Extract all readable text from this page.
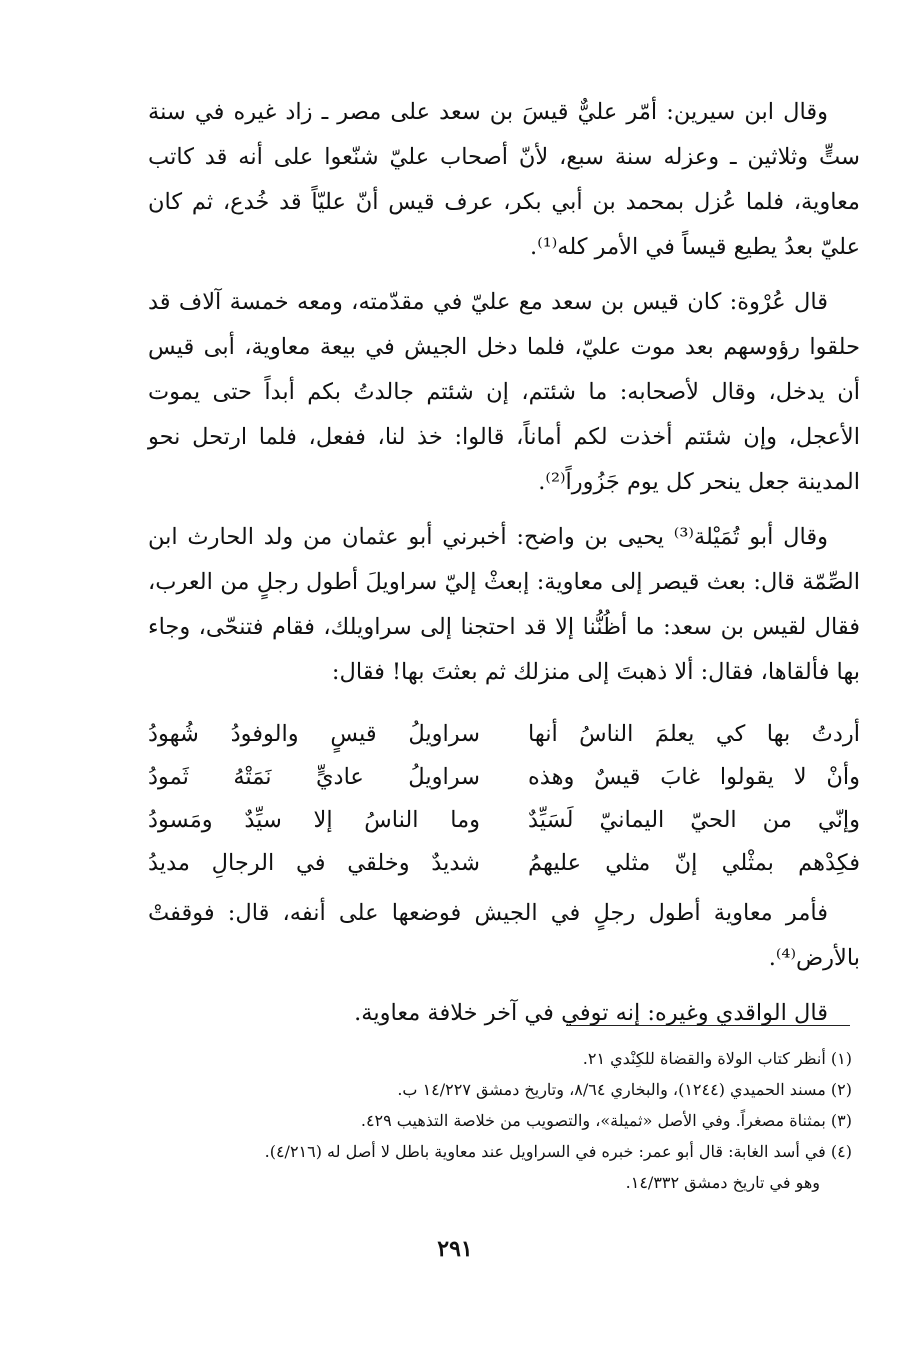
وقال ابن سيرين: أمّر عليٌّ قيسَ بن سعد على مصر ـ زاد غيره في سنة ستٍّ وثلاثين ـ وعزله سنة سبع، لأنّ أصحاب عليّ شنّعوا على أنه قد كاتب معاوية، فلما عُزل بمحمد بن أبي بكر، عرف قيس أنّ عليّاً قد خُدع، ثم كان عليّ بعدُ يطيع قيساً في الأمر كله⁽¹⁾.

قال عُرْوة: كان قيس بن سعد مع عليّ في مقدّمته، ومعه خمسة آلاف قد حلقوا رؤوسهم بعد موت عليّ، فلما دخل الجيش في بيعة معاوية، أبى قيس أن يدخل، وقال لأصحابه: ما شئتم، إن شئتم جالدتُ بكم أبداً حتى يموت الأعجل، وإن شئتم أخذت لكم أماناً، قالوا: خذ لنا، ففعل، فلما ارتحل نحو المدينة جعل ينحر كل يوم جَزُوراً⁽²⁾.

وقال أبو تُمَيْلة⁽³⁾ يحيى بن واضح: أخبرني أبو عثمان من ولد الحارث ابن الصِّمّة قال: بعث قيصر إلى معاوية: إبعثْ إليّ سراويلَ أطول رجلٍ من العرب، فقال لقيس بن سعد: ما أظُنُّنا إلا قد احتجنا إلى سراويلك، فقام فتنحّى، وجاء بها فألقاها، فقال: ألا ذهبتَ إلى منزلك ثم بعثتَ بها! فقال:

أردتُ بها كي يعلمَ الناسُ أنها
سراويلُ قيسٍ والوفودُ شُهودُ
وأنْ لا يقولوا غابَ قيسٌ وهذه
سراويلُ عاديٍّ نَمَتْهُ ثَمودُ
وإنّي من الحيّ اليمانيّ لَسَيِّدٌ
وما الناسُ إلا سيِّدٌ ومَسودُ
فكِدْهم بمثْلي إنّ مثلي عليهمُ
شديدٌ وخلقي في الرجالِ مديدُ

فأمر معاوية أطول رجلٍ في الجيش فوضعها على أنفه، قال: فوقفتْ بالأرض⁽⁴⁾.

قال الواقدي وغيره: إنه توفي في آخر خلافة معاوية.

(١) أنظر كتاب الولاة والقضاة للكِنْدي ٢١.

(٢) مسند الحميدي (١٢٤٤)، والبخاري ٨/٦٤، وتاريخ دمشق ١٤/٢٢٧ ب.

(٣) بمثناة مصغراً. وفي الأصل «ثميلة»، والتصويب من خلاصة التذهيب ٤٢٩.

(٤) في أسد الغابة: قال أبو عمر: خبره في السراويل عند معاوية باطل لا أصل له (٤/٢١٦).

وهو في تاريخ دمشق ١٤/٣٣٢.

٢٩١
